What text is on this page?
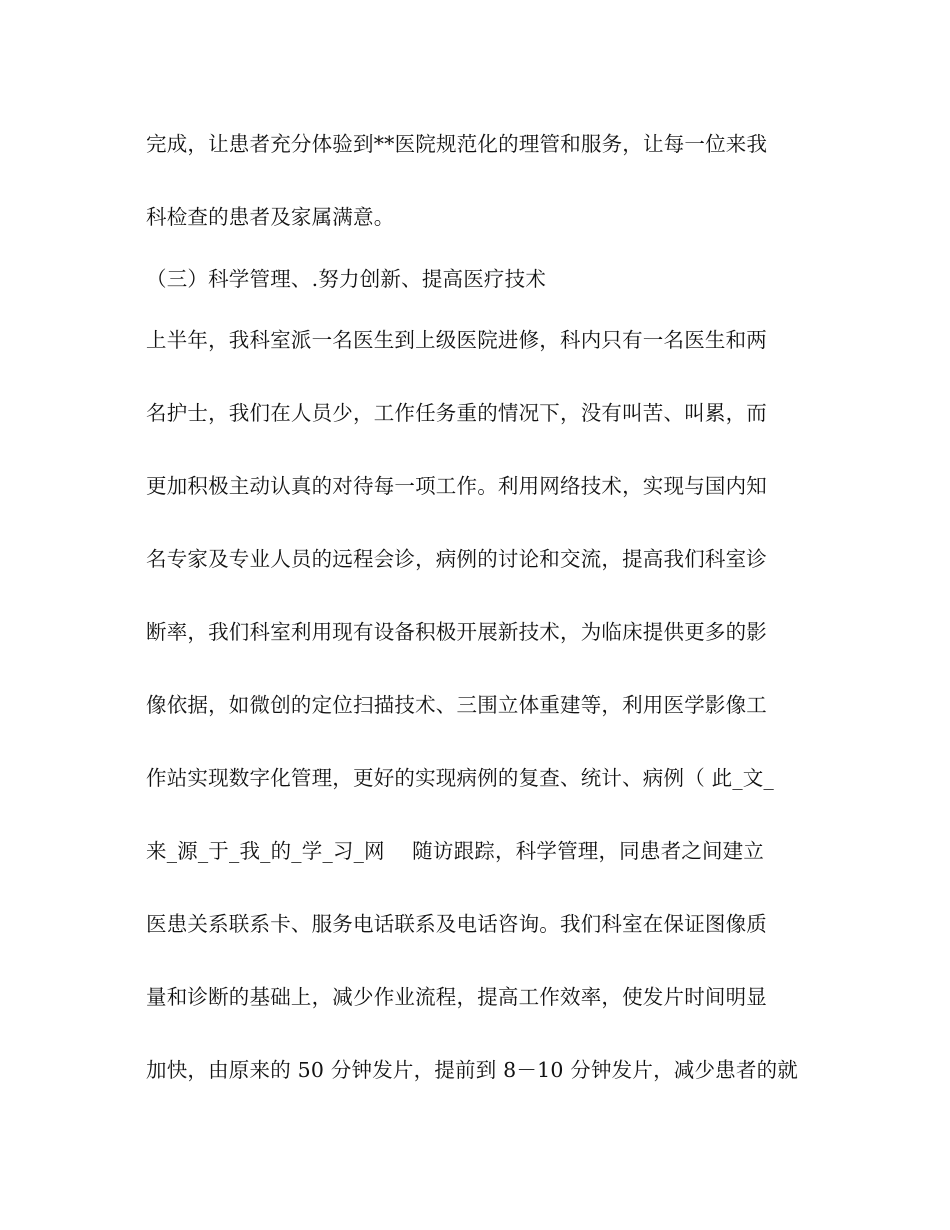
完成，让患者充分体验到**医院规范化的理管和服务，让每一位来我
科检查的患者及家属满意。
（三）科学管理、.努力创新、提高医疗技术
上半年，我科室派一名医生到上级医院进修，科内只有一名医生和两
名护士，我们在人员少，工作任务重的情况下，没有叫苦、叫累，而
更加积极主动认真的对待每一项工作。利用网络技术，实现与国内知
名专家及专业人员的远程会诊，病例的讨论和交流，提高我们科室诊
断率，我们科室利用现有设备积极开展新技术，为临床提供更多的影
像依据，如微创的定位扫描技术、三围立体重建等，利用医学影像工
作站实现数字化管理，更好的实现病例的复查、统计、病例（ 此_文_
来_源_于_我_的_学_习_网　 随访跟踪，科学管理，同患者之间建立
医患关系联系卡、服务电话联系及电话咨询。我们科室在保证图像质
量和诊断的基础上，减少作业流程，提高工作效率，使发片时间明显
加快，由原来的 50 分钟发片，提前到 8－10 分钟发片，减少患者的就
